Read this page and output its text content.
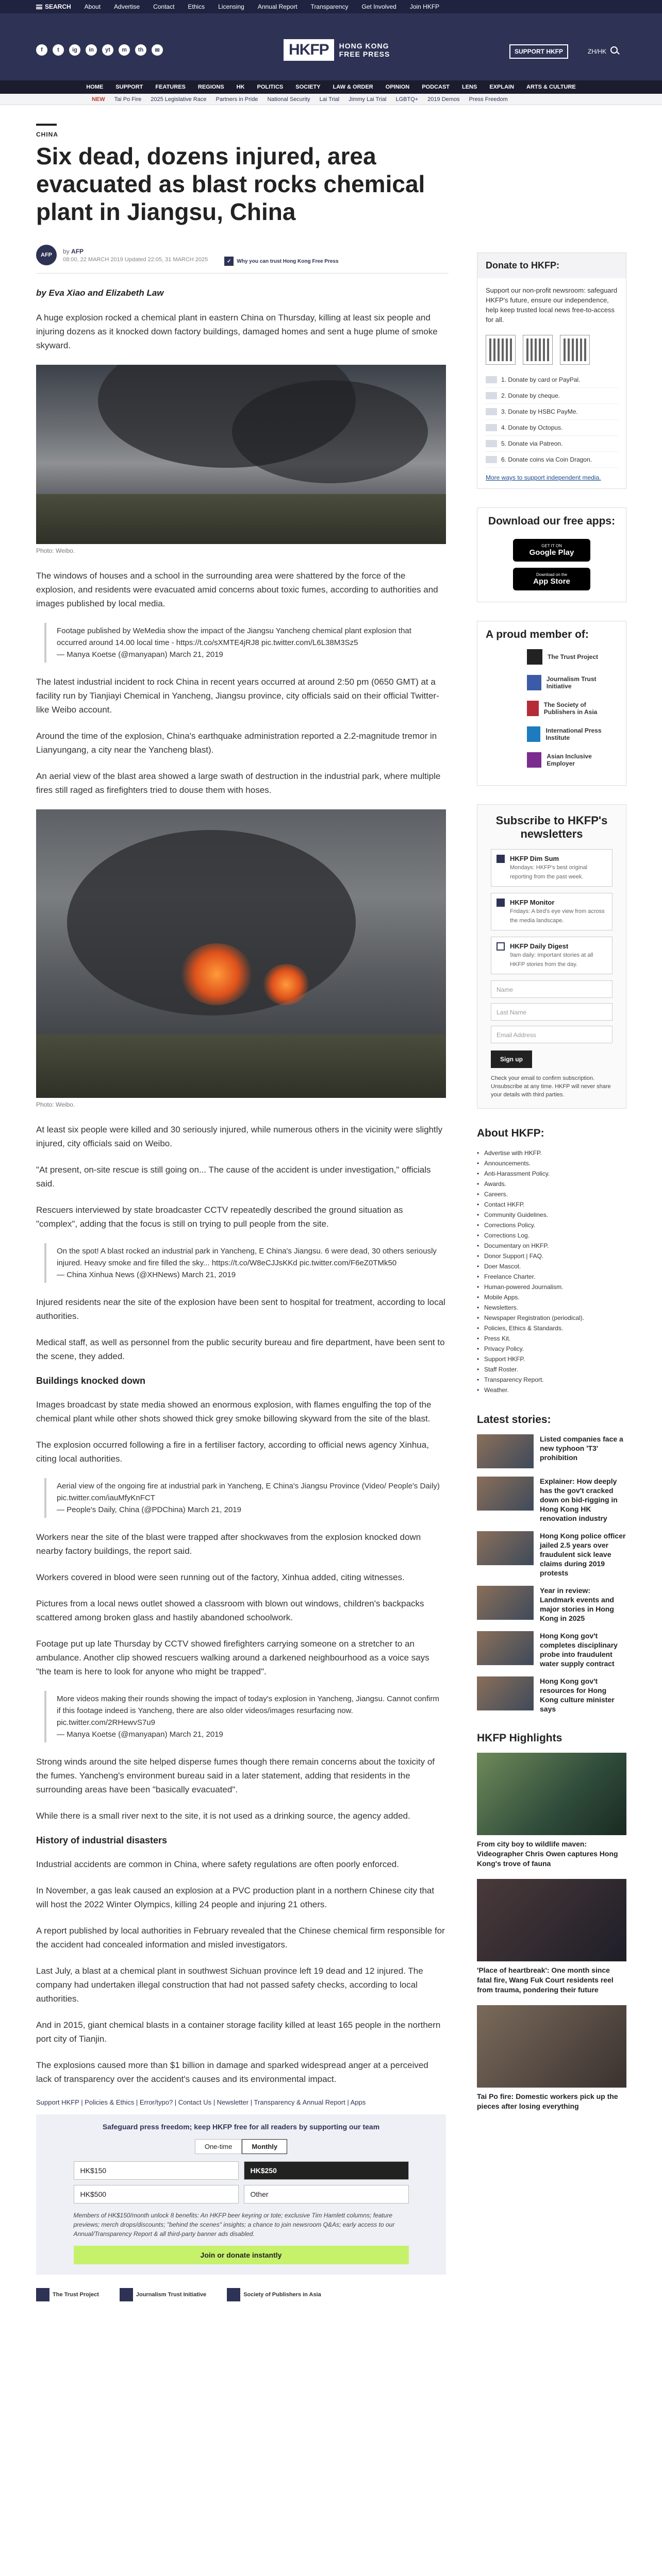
SEARCH About Advertise Contact Ethics Licensing Annual Report Transparency Get Involved Join HKFP
f	t	ig	in	yt	m	th	✉	HKFP	HONG KONG
FREE PRESS	SUPPORT HKFP	ZH/HK
HOME SUPPORT FEATURES REGIONS HK POLITICS SOCIETY LAW & ORDER OPINION PODCAST LENS EXPLAIN ARTS & CULTURE
NEW Tai Po Fire 2025 Legislative Race Partners in Pride National Security Lai Trial Jimmy Lai Trial LGBTQ+ 2019 Demos Press Freedom
CHINA
Six dead, dozens injured, area evacuated as blast rocks chemical plant in Jiangsu, China
AFP
by AFP
08:00, 22 MARCH 2019 Updated 22:05, 31 MARCH 2025	✓	Why you can trust Hong Kong Free Press
by Eva Xiao and Elizabeth Law

A huge explosion rocked a chemical plant in eastern China on Thursday, killing at least six people and injuring dozens as it knocked down factory buildings, damaged homes and sent a huge plume of smoke skyward.

Photo: Weibo.

The windows of houses and a school in the surrounding area were shattered by the force of the explosion, and residents were evacuated amid concerns about toxic fumes, according to authorities and images published by local media.

Footage published by WeMedia show the impact of the Jiangsu Yancheng chemical plant explosion that occurred around 14.00 local time - https://t.co/sXMTE4jRJ8 pic.twitter.com/L6L38M3Sz5

— Manya Koetse (@manyapan) March 21, 2019

The latest industrial incident to rock China in recent years occurred at around 2:50 pm (0650 GMT) at a facility run by Tianjiayi Chemical in Yancheng, Jiangsu province, city officials said on their official Twitter-like Weibo account.

Around the time of the explosion, China's earthquake administration reported a 2.2-magnitude tremor in Lianyungang, a city near the Yancheng blast).

An aerial view of the blast area showed a large swath of destruction in the industrial park, where multiple fires still raged as firefighters tried to douse them with hoses.

Photo: Weibo.

At least six people were killed and 30 seriously injured, while numerous others in the vicinity were slightly injured, city officials said on Weibo.

"At present, on-site rescue is still going on... The cause of the accident is under investigation," officials said.

Rescuers interviewed by state broadcaster CCTV repeatedly described the ground situation as "complex", adding that the focus is still on trying to pull people from the site.

On the spot! A blast rocked an industrial park in Yancheng, E China's Jiangsu. 6 were dead, 30 others seriously injured. Heavy smoke and fire filled the sky... https://t.co/W8eCJJsKKd pic.twitter.com/F6eZ0TMk50

— China Xinhua News (@XHNews) March 21, 2019

Injured residents near the site of the explosion have been sent to hospital for treatment, according to local authorities.

Medical staff, as well as personnel from the public security bureau and fire department, have been sent to the scene, they added.

Buildings knocked down

Images broadcast by state media showed an enormous explosion, with flames engulfing the top of the chemical plant while other shots showed thick grey smoke billowing skyward from the site of the blast.

The explosion occurred following a fire in a fertiliser factory, according to official news agency Xinhua, citing local authorities.

Aerial view of the ongoing fire at industrial park in Yancheng, E China's Jiangsu Province (Video/ People's Daily) pic.twitter.com/iauMfyKnFCT

— People's Daily, China (@PDChina) March 21, 2019

Workers near the site of the blast were trapped after shockwaves from the explosion knocked down nearby factory buildings, the report said.

Workers covered in blood were seen running out of the factory, Xinhua added, citing witnesses.

Pictures from a local news outlet showed a classroom with blown out windows, children's backpacks scattered among broken glass and hastily abandoned schoolwork.

Footage put up late Thursday by CCTV showed firefighters carrying someone on a stretcher to an ambulance. Another clip showed rescuers walking around a darkened neighbourhood as a voice says "the team is here to look for anyone who might be trapped".

More videos making their rounds showing the impact of today's explosion in Yancheng, Jiangsu. Cannot confirm if this footage indeed is Yancheng, there are also older videos/images resurfacing now. pic.twitter.com/2RHewvS7u9

— Manya Koetse (@manyapan) March 21, 2019

Strong winds around the site helped disperse fumes though there remain concerns about the toxicity of the fumes. Yancheng's environment bureau said in a later statement, adding that residents in the surrounding areas have been "basically evacuated".

While there is a small river next to the site, it is not used as a drinking source, the agency added.

History of industrial disasters

Industrial accidents are common in China, where safety regulations are often poorly enforced.

In November, a gas leak caused an explosion at a PVC production plant in a northern Chinese city that will host the 2022 Winter Olympics, killing 24 people and injuring 21 others.

A report published by local authorities in February revealed that the Chinese chemical firm responsible for the accident had concealed information and misled investigators.

Last July, a blast at a chemical plant in southwest Sichuan province left 19 dead and 12 injured. The company had undertaken illegal construction that had not passed safety checks, according to local authorities.

And in 2015, giant chemical blasts in a container storage facility killed at least 165 people in the northern port city of Tianjin.

The explosions caused more than $1 billion in damage and sparked widespread anger at a perceived lack of transparency over the accident's causes and its environmental impact.

Support HKFP | Policies & Ethics | Error/typo? | Contact Us | Newsletter | Transparency & Annual Report | Apps
Safeguard press freedom; keep HKFP free for all readers by supporting our team
One-time	Monthly
HK$150	HK$250
HK$500	Other
Members of HK$150/month unlock 8 benefits: An HKFP beer keyring or tote; exclusive Tim Hamlett columns; feature previews; merch drops/discounts; "behind the scenes" insights; a chance to join newsroom Q&As; early access to our Annual/Transparency Report & all third-party banner ads disabled.
Join or donate instantly
The Trust Project	Journalism Trust Initiative	Society of Publishers in Asia
Donate to HKFP:
Support our non-profit newsroom: safeguard HKFP's future, ensure our independence, help keep trusted local news free-to-access for all.
1. Donate by card or PayPal.
2. Donate by cheque.
3. Donate by HSBC PayMe.
4. Donate by Octopus.
5. Donate via Patreon.
6. Donate coins via Coin Dragon.
More ways to support independent media.
Download our free apps:
GET IT ON
Google Play

Download on the
App Store
A proud member of:
The Trust Project
Journalism Trust Initiative
The Society of Publishers in Asia
International Press Institute
Asian Inclusive Employer
Subscribe to HKFP's newsletters
HKFP Dim Sum
Mondays: HKFP's best original reporting from the past week.
HKFP Monitor
Fridays: A bird's eye view from across the media landscape.
HKFP Daily Digest
9am daily: Important stories at all HKFP stories from the day.
Name
Last Name
Email Address
Sign up
Check your email to confirm subscription. Unsubscribe at any time. HKFP will never share your details with third parties.
About HKFP:
• Advertise with HKFP.
• Announcements.
• Anti-Harassment Policy.
• Awards.
• Careers.
• Contact HKFP.
• Community Guidelines.
• Corrections Policy.
• Corrections Log.
• Documentary on HKFP.
• Donor Support | FAQ.
• Doer Mascot.
• Freelance Charter.
• Human-powered Journalism.
• Mobile Apps.
• Newsletters.
• Newspaper Registration (periodical).
• Policies, Ethics & Standards.
• Press Kit.
• Privacy Policy.
• Support HKFP.
• Staff Roster.
• Transparency Report.
• Weather.
Latest stories:
Listed companies face a new typhoon 'T3' prohibition
Explainer: How deeply has the gov't cracked down on bid-rigging in Hong Kong HK renovation industry
Hong Kong police officer jailed 2.5 years over fraudulent sick leave claims during 2019 protests
Year in review: Landmark events and major stories in Hong Kong in 2025
Hong Kong gov't completes disciplinary probe into fraudulent water supply contract
Hong Kong gov't resources for Hong Kong culture minister says
HKFP Highlights
From city boy to wildlife maven: Videographer Chris Owen captures Hong Kong's trove of fauna
'Place of heartbreak': One month since fatal fire, Wang Fuk Court residents reel from trauma, pondering their future
Tai Po fire: Domestic workers pick up the pieces after losing everything
